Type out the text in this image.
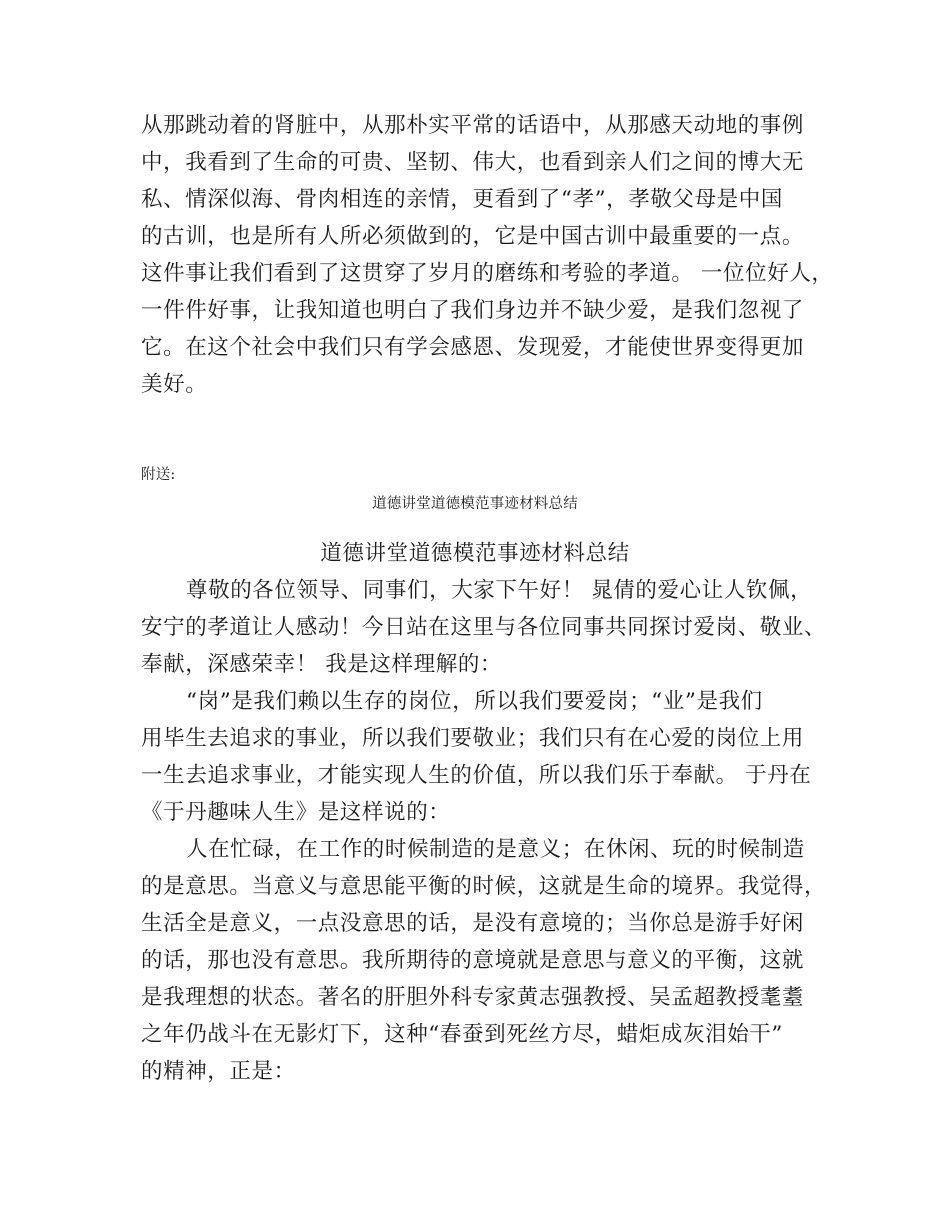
从那跳动着的肾脏中，从那朴实平常的话语中，从那感天动地的事例
中，我看到了生命的可贵、坚韧、伟大，也看到亲人们之间的博大无
私、情深似海、骨肉相连的亲情，更看到了“孝”，孝敬父母是中国
的古训，也是所有人所必须做到的，它是中国古训中最重要的一点。
这件事让我们看到了这贯穿了岁月的磨练和考验的孝道。 一位位好人，
一件件好事，让我知道也明白了我们身边并不缺少爱，是我们忽视了
它。在这个社会中我们只有学会感恩、发现爱，才能使世界变得更加
美好。
附送:
道德讲堂道德模范事迹材料总结
道德讲堂道德模范事迹材料总结
尊敬的各位领导、同事们，大家下午好！ 晁倩的爱心让人钦佩，
安宁的孝道让人感动！今日站在这里与各位同事共同探讨爱岗、敬业、
奉献，深感荣幸！ 我是这样理解的：
“岗”是我们赖以生存的岗位，所以我们要爱岗；“业”是我们
用毕生去追求的事业，所以我们要敬业；我们只有在心爱的岗位上用
一生去追求事业，才能实现人生的价值，所以我们乐于奉献。 于丹在
《于丹趣味人生》是这样说的：
人在忙碌，在工作的时候制造的是意义；在休闲、玩的时候制造
的是意思。当意义与意思能平衡的时候，这就是生命的境界。我觉得，
生活全是意义，一点没意思的话，是没有意境的；当你总是游手好闲
的话，那也没有意思。我所期待的意境就是意思与意义的平衡，这就
是我理想的状态。著名的肝胆外科专家黄志强教授、吴孟超教授耄耋
之年仍战斗在无影灯下，这种“春蚕到死丝方尽，蜡炬成灰泪始干”
的精神，正是：
